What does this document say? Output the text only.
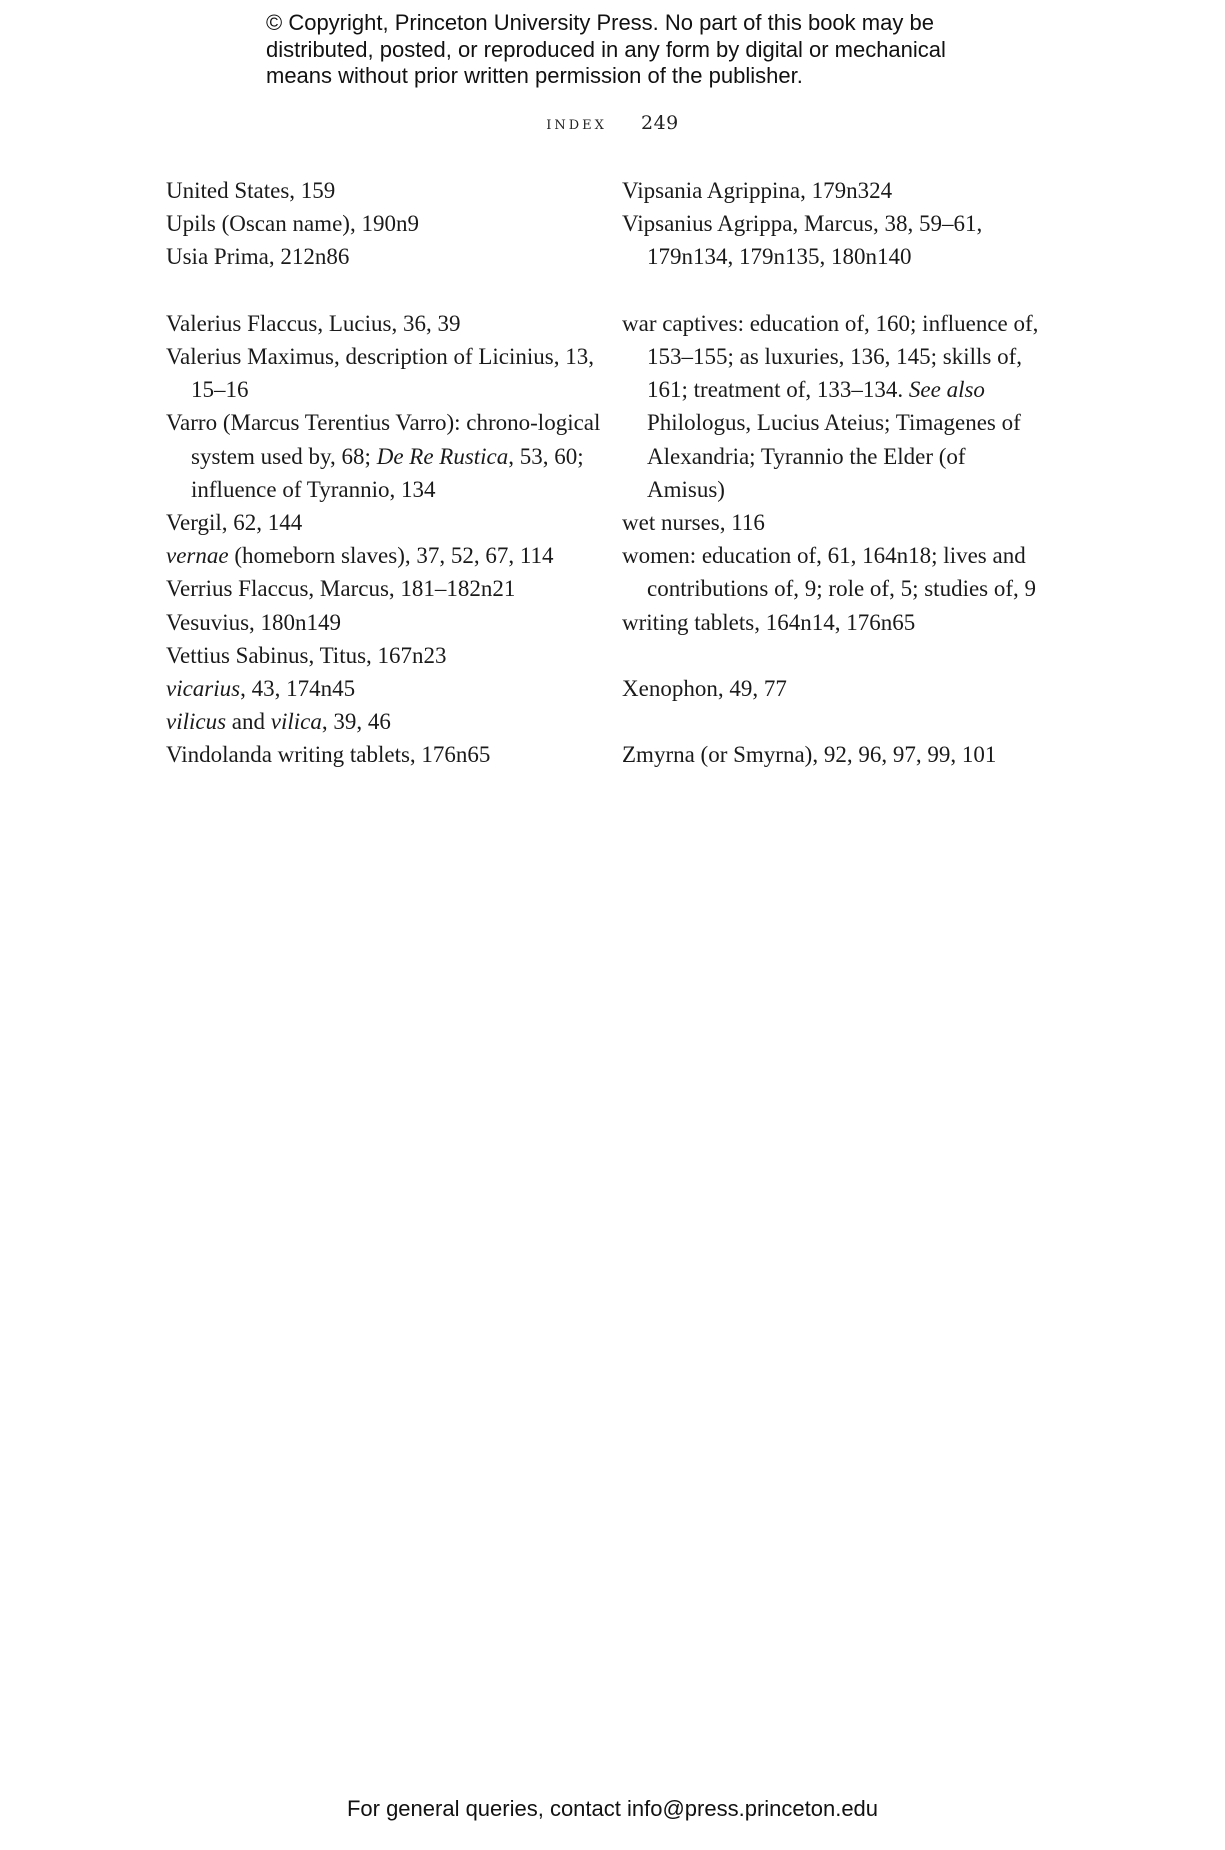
© Copyright, Princeton University Press. No part of this book may be distributed, posted, or reproduced in any form by digital or mechanical means without prior written permission of the publisher.
index 249
United States, 159
Upils (Oscan name), 190n9
Usia Prima, 212n86
Valerius Flaccus, Lucius, 36, 39
Valerius Maximus, description of Licinius, 13, 15–16
Varro (Marcus Terentius Varro): chrono-logical system used by, 68; De Re Rustica, 53, 60; influence of Tyrannio, 134
Vergil, 62, 144
vernae (homeborn slaves), 37, 52, 67, 114
Verrius Flaccus, Marcus, 181–182n21
Vesuvius, 180n149
Vettius Sabinus, Titus, 167n23
vicarius, 43, 174n45
vilicus and vilica, 39, 46
Vindolanda writing tablets, 176n65
Vipsania Agrippina, 179n324
Vipsanius Agrippa, Marcus, 38, 59–61, 179n134, 179n135, 180n140
war captives: education of, 160; influence of, 153–155; as luxuries, 136, 145; skills of, 161; treatment of, 133–134. See also Philologus, Lucius Ateius; Timagenes of Alexandria; Tyrannio the Elder (of Amisus)
wet nurses, 116
women: education of, 61, 164n18; lives and contributions of, 9; role of, 5; studies of, 9
writing tablets, 164n14, 176n65
Xenophon, 49, 77
Zmyrna (or Smyrna), 92, 96, 97, 99, 101
For general queries, contact info@press.princeton.edu
